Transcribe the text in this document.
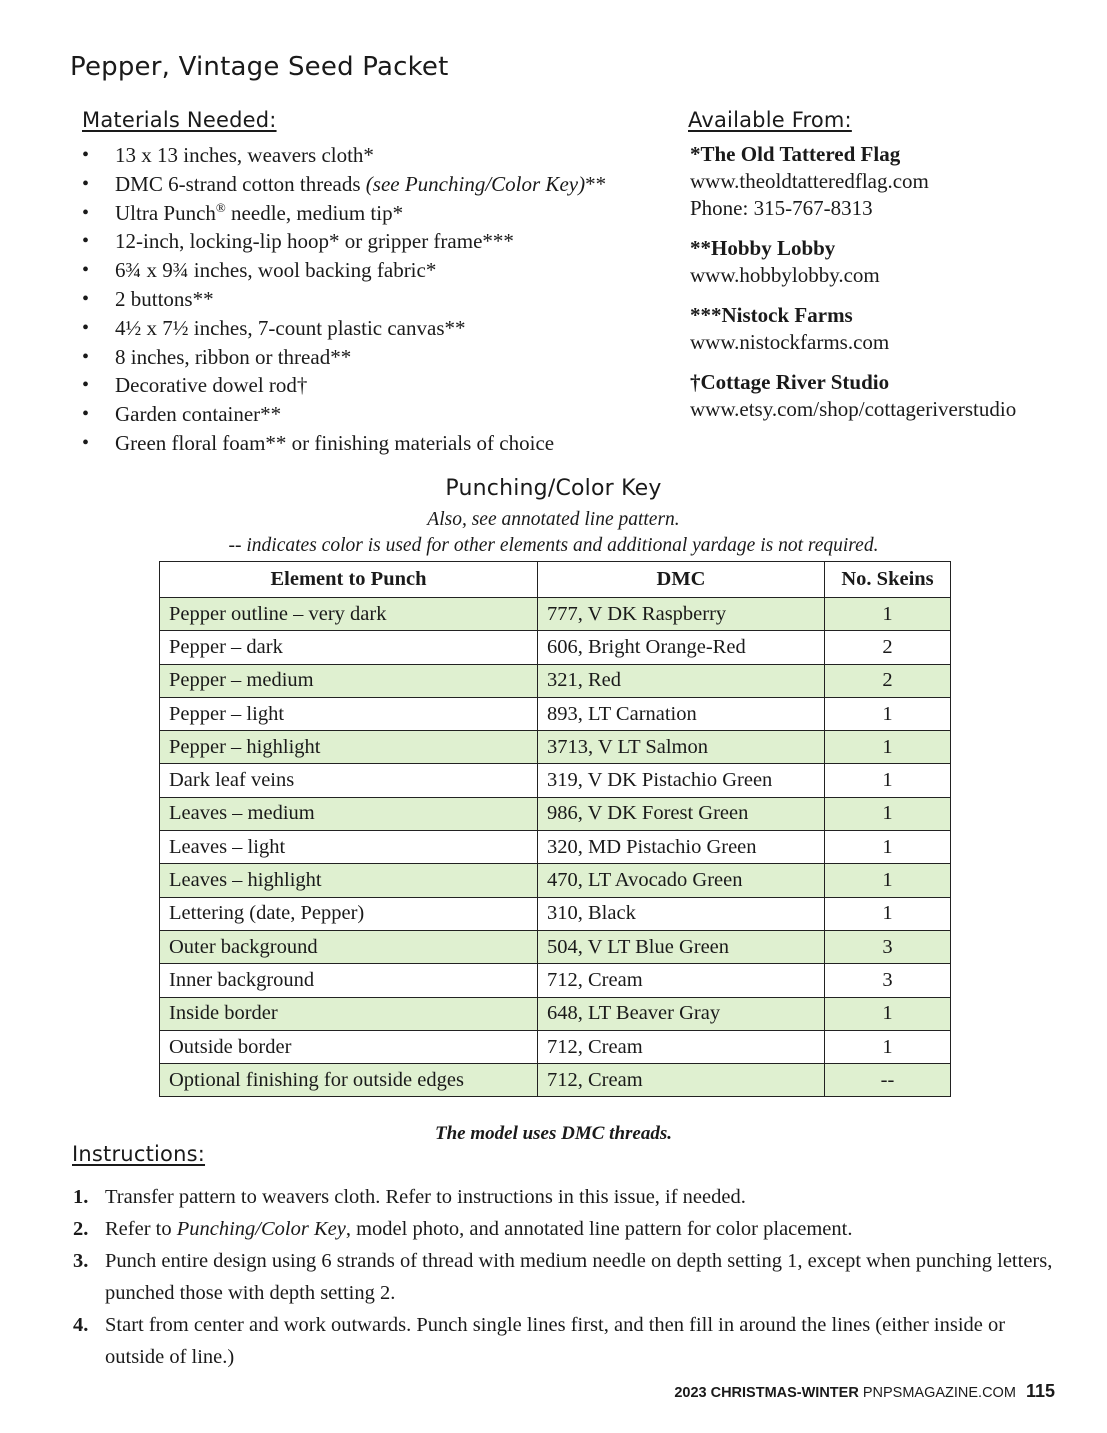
Pepper, Vintage Seed Packet
Materials Needed:
• 13 x 13 inches, weavers cloth*
• DMC 6-strand cotton threads (see Punching/Color Key)**
• Ultra Punch® needle, medium tip*
• 12-inch, locking-lip hoop* or gripper frame***
• 6¾ x 9¾ inches, wool backing fabric*
• 2 buttons**
• 4½ x 7½ inches, 7-count plastic canvas**
• 8 inches, ribbon or thread**
• Decorative dowel rod†
• Garden container**
• Green floral foam** or finishing materials of choice
Available From:
*The Old Tattered Flag
www.theoldtatteredflag.com
Phone: 315-767-8313
**Hobby Lobby
www.hobbylobby.com
***Nistock Farms
www.nistockfarms.com
†Cottage River Studio
www.etsy.com/shop/cottageriverstudio
Punching/Color Key
Also, see annotated line pattern.
-- indicates color is used for other elements and additional yardage is not required.
Element to Punch	DMC	No. Skeins
Pepper outline – very dark	777, V DK Raspberry	1
Pepper – dark	606, Bright Orange-Red	2
Pepper – medium	321, Red	2
Pepper – light	893, LT Carnation	1
Pepper – highlight	3713, V LT Salmon	1
Dark leaf veins	319, V DK Pistachio Green	1
Leaves – medium	986, V DK Forest Green	1
Leaves – light	320, MD Pistachio Green	1
Leaves – highlight	470, LT Avocado Green	1
Lettering (date, Pepper)	310, Black	1
Outer background	504, V LT Blue Green	3
Inner background	712, Cream	3
Inside border	648, LT Beaver Gray	1
Outside border	712, Cream	1
Optional finishing for outside edges	712, Cream	--
The model uses DMC threads.
Instructions:
1. Transfer pattern to weavers cloth. Refer to instructions in this issue, if needed.
2. Refer to Punching/Color Key, model photo, and annotated line pattern for color placement.
3. Punch entire design using 6 strands of thread with medium needle on depth setting 1, except when punching letters, punched those with depth setting 2.
4. Start from center and work outwards. Punch single lines first, and then fill in around the lines (either inside or outside of line.)
2023 CHRISTMAS-WINTER PNPSMAGAZINE.COM 115
